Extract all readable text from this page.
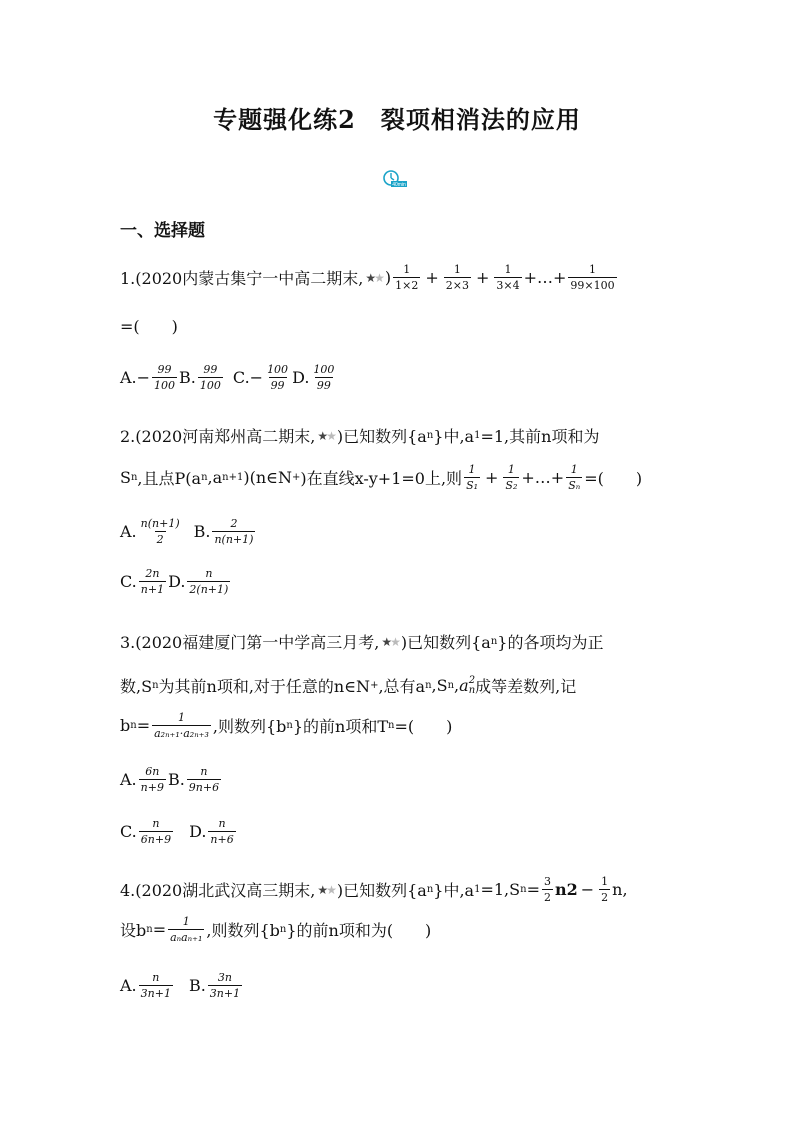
专题强化练2　裂项相消法的应用
40min
一、选择题
1.(2020内蒙古集宁一中高二期末, ★★ ) $\frac{1}{1\times 2} + \frac{1}{2\times 3} + \frac{1}{3\times 4}$ +…+ $\frac{1}{99\times 100}$
=(　　)
A. − $\frac{99}{100} B$. $\frac{99}{100} C$. − $\frac{100}{99} D$. $\frac{100}{99}$
2.(2020河南郑州高二期末, ★★ )已知数列{a n }中,a 1 =1,其前n项和为
S n ,且点P(a n ,a n+1 )(n∈N + )在直线x-y+1=0上,则 $\frac{1}{\text{S₁}} + \frac{1}{\text{S₂}}$ +…+ $\frac{1}{\text{Sₙ}}$ =(　　)
A. $\frac{n(n+1)}{2} B$. $\frac{2}{n(n+1)}$
C. $\frac{2n}{n+1} D$. $\frac{n}{2(n+1)}$
3.(2020福建厦门第一中学高三月考, ★★ )已知数列{a n }的各项均为正
数,S n 为其前n项和,对于任意的n∈N + ,总有a n ,S n , a 2
n 成等差数列,记
b $n = \frac{1}{\text{a₂ₙ₊₁·a₂ₙ₊₃}}$ ,则数列{b n }的前n项和T n =(　　)
A. $\frac{6n}{n+9} B$. $\frac{n}{9n+6}$
C. $\frac{n}{6n+9} D$. $\frac{n}{n+6}$
4.(2020湖北武汉高三期末, ★★ )已知数列{a n }中,a 1 =1,S $n = \frac{3}{2} n2 - \frac{1}{2} n$,
设b $n = \frac{1}{\text{aₙaₙ₊₁}}$ ,则数列{b n }的前n项和为(　　)
A. $\frac{n}{3n+1} B$. $\frac{3n}{3n+1}$
